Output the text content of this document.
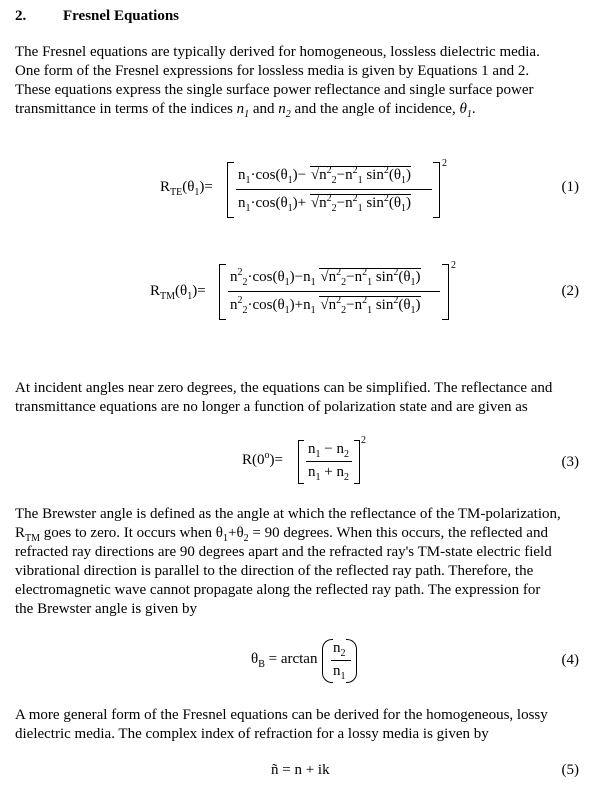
2. Fresnel Equations
The Fresnel equations are typically derived for homogeneous, lossless dielectric media.
One form of the Fresnel expressions for lossless media is given by Equations 1 and 2.
These equations express the single surface power reflectance and single surface power
transmittance in terms of the indices $n_1$ and $n_2$ and the angle of incidence, $\theta_1$.
$R_{TE}(\theta_1)=$
2
$n_1\cdot\cos(\theta_1)- √n^2_2-n^2_1$ $\sin^2(\theta_1)$
$n_1\cdot\cos(\theta_1)+ √n^2_2-n^2_1$ $\sin^2(\theta_1)$
(1)
$R_{TM}(\theta_1)=$
2
$n^2_2\cdot\cos(\theta_1)-n_1$ $√n^2_2-n^2_1$ $\sin^2(\theta_1)$
$n^2_2\cdot\cos(\theta_1)+n_1$ $√n^2_2-n^2_1$ $\sin^2(\theta_1)$
(2)
At incident angles near zero degrees, the equations can be simplified. The reflectance and
transmittance equations are no longer a function of polarization state and are given as
$R(0^o)=$
2
$n_1 - n_2$
$n_1 + n_2$
(3)
The Brewster angle is defined as the angle at which the reflectance of the TM-polarization,
$R_{TM}$ goes to zero. It occurs when $\theta_1+\theta_2 = 90$ degrees. When this occurs, the reflected and
refracted ray directions are 90 degrees apart and the refracted ray's TM-state electric field
vibrational direction is parallel to the direction of the reflected ray path. Therefore, the
electromagnetic wave cannot propagate along the reflected ray path. The expression for
the Brewster angle is given by
$\theta_B = \arctan$
$n_2$
$n_1$
(4)
A more general form of the Fresnel equations can be derived for the homogeneous, lossy
dielectric media. The complex index of refraction for a lossy media is given by
ñ = n + ik	(5)
